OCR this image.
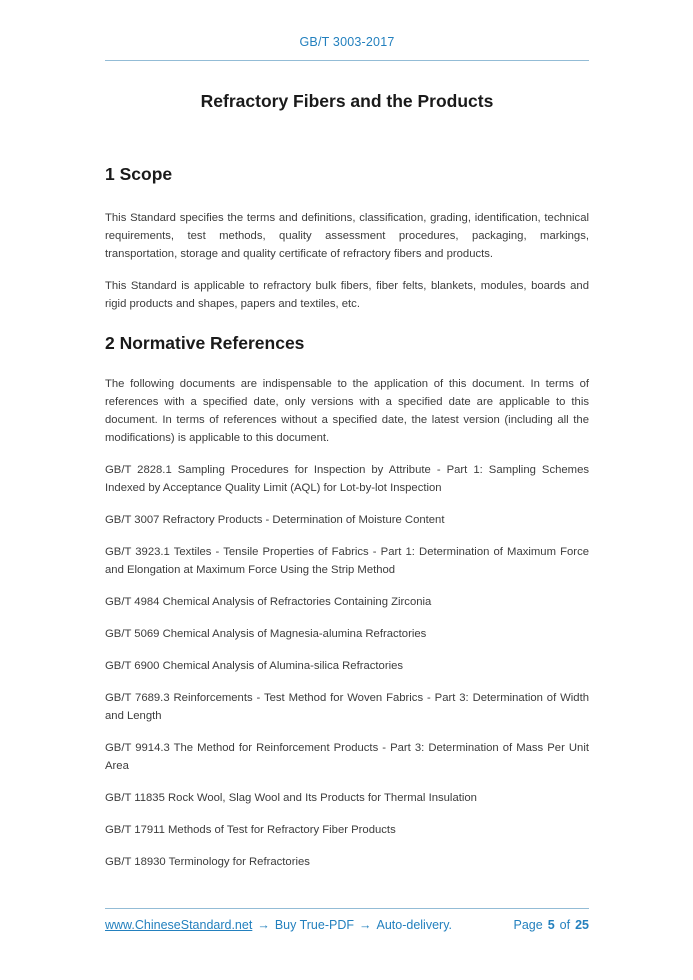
GB/T 3003-2017
Refractory Fibers and the Products
1 Scope

This Standard specifies the terms and definitions, classification, grading, identification, technical requirements, test methods, quality assessment procedures, packaging, markings, transportation, storage and quality certificate of refractory fibers and products.

This Standard is applicable to refractory bulk fibers, fiber felts, blankets, modules, boards and rigid products and shapes, papers and textiles, etc.

2 Normative References

The following documents are indispensable to the application of this document. In terms of references with a specified date, only versions with a specified date are applicable to this document. In terms of references without a specified date, the latest version (including all the modifications) is applicable to this document.

GB/T 2828.1 Sampling Procedures for Inspection by Attribute - Part 1: Sampling Schemes Indexed by Acceptance Quality Limit (AQL) for Lot-by-lot Inspection

GB/T 3007 Refractory Products - Determination of Moisture Content

GB/T 3923.1 Textiles - Tensile Properties of Fabrics - Part 1: Determination of Maximum Force and Elongation at Maximum Force Using the Strip Method

GB/T 4984 Chemical Analysis of Refractories Containing Zirconia

GB/T 5069 Chemical Analysis of Magnesia-alumina Refractories

GB/T 6900 Chemical Analysis of Alumina-silica Refractories

GB/T 7689.3 Reinforcements - Test Method for Woven Fabrics - Part 3: Determination of Width and Length

GB/T 9914.3 The Method for Reinforcement Products - Part 3: Determination of Mass Per Unit Area

GB/T 11835 Rock Wool, Slag Wool and Its Products for Thermal Insulation

GB/T 17911 Methods of Test for Refractory Fiber Products

GB/T 18930 Terminology for Refractories

www.ChineseStandard.net → Buy True-PDF → Auto-delivery.	Page 5 of 25
